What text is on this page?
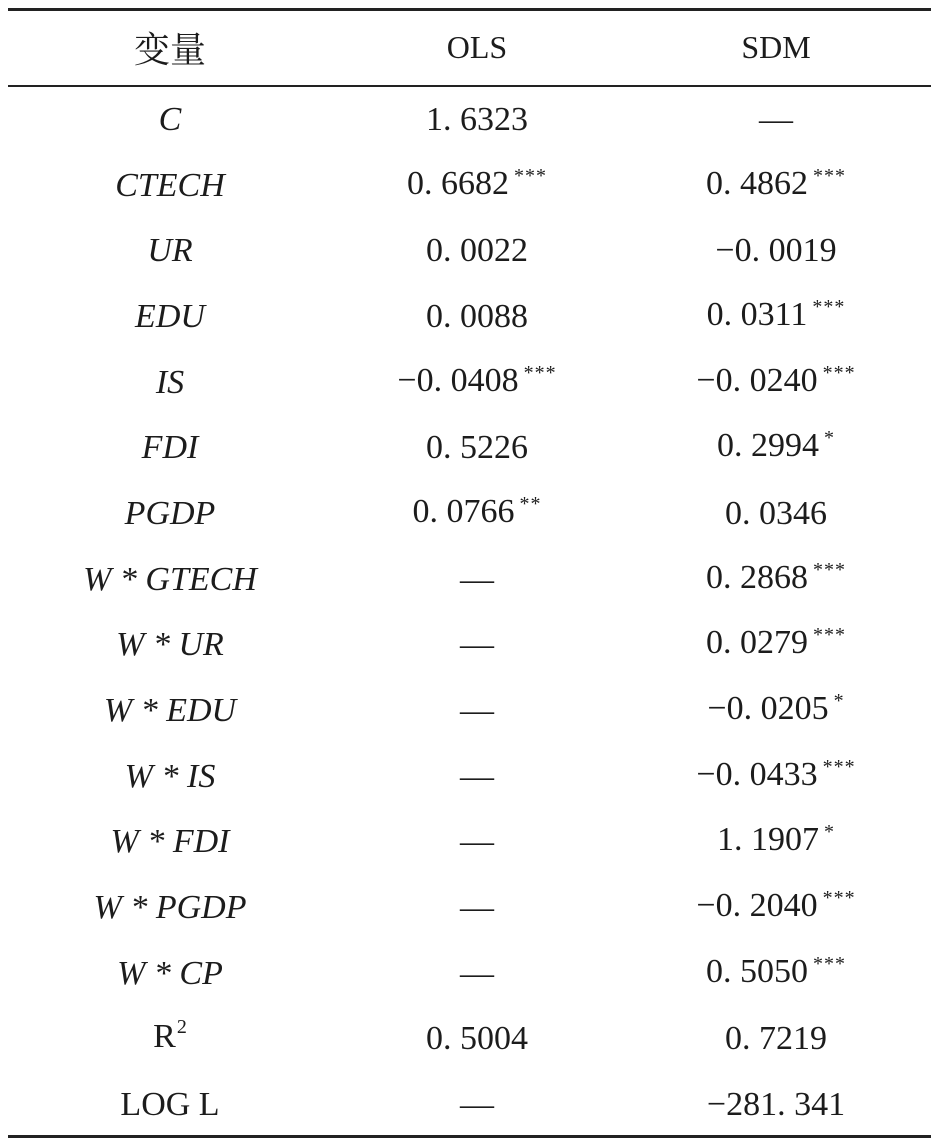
变量	OLS	SDM
C	1. 6323	—
CTECH	0. 6682 ***	0. 4862 ***
UR	0. 0022	−0. 0019
EDU	0. 0088	0. 0311 ***
IS	−0. 0408 ***	−0. 0240 ***
FDI	0. 5226	0. 2994 *
PGDP	0. 0766 **	0. 0346
W * GTECH	—	0. 2868 ***
W * UR	—	0. 0279 ***
W * EDU	—	−0. 0205 *
W * IS	—	−0. 0433 ***
W * FDI	—	1. 1907 *
W * PGDP	—	−0. 2040 ***
W * CP	—	0. 5050 ***
$R^2$	0. 5004	0. 7219
LOG L	—	−281. 341
